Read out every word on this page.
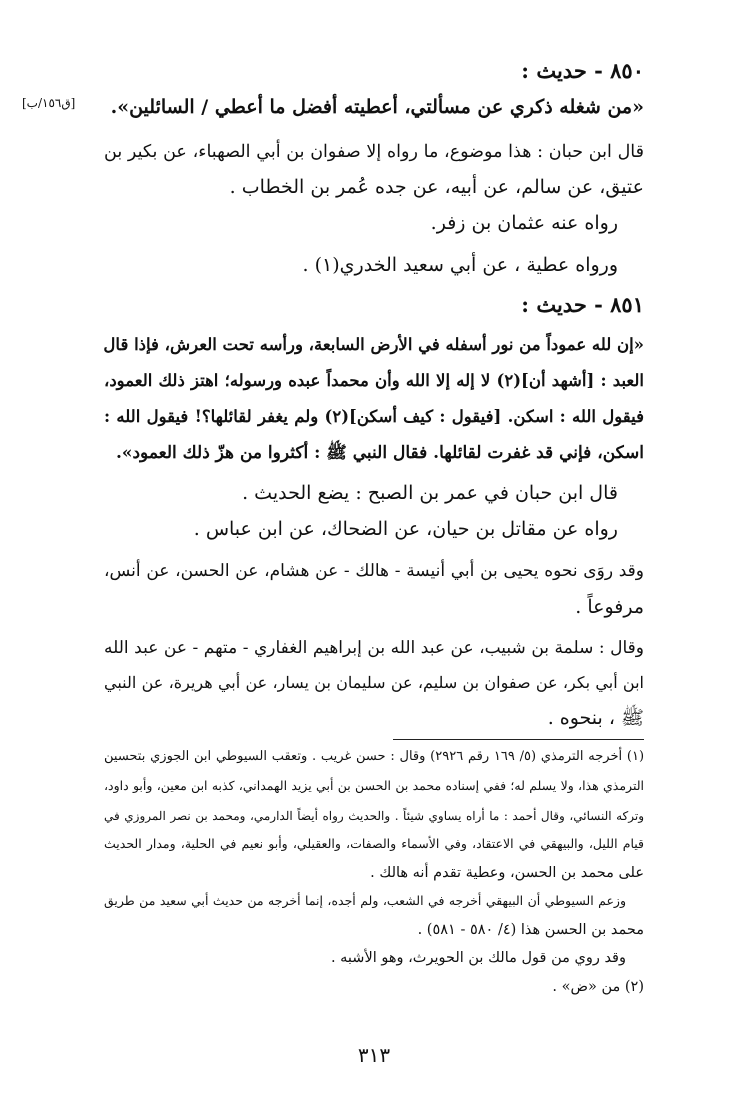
[ق١٥٦/ب]
٨٥٠ - حديث :
«من شغله ذكري عن مسألتي، أعطيته أفضل ما أعطي / السائلين».
قال ابن حبان : هذا موضوع، ما رواه إلا صفوان بن أبي الصهباء، عن بكير بن
عتيق، عن سالم، عن أبيه، عن جده عُمر بن الخطاب .
رواه عنه عثمان بن زفر.
ورواه عطية ، عن أبي سعيد الخدري(١) .
٨٥١ - حديث :
«إن لله عموداً من نور أسفله في الأرض السابعة، ورأسه تحت العرش، فإذا قال
العبد : [أشهد أن](٢) لا إله إلا الله وأن محمداً عبده ورسوله؛ اهتز ذلك العمود،
فيقول الله : اسكن. [فيقول : كيف أسكن](٢) ولم يغفر لقائلها؟! فيقول الله :
اسكن، فإني قد غفرت لقائلها. فقال النبي ﷺ : أكثروا من هزّ ذلك العمود».
قال ابن حبان في عمر بن الصبح : يضع الحديث .
رواه عن مقاتل بن حيان، عن الضحاك، عن ابن عباس .
وقد روَى نحوه يحيى بن أبي أنيسة - هالك - عن هشام، عن الحسن، عن أنس،
مرفوعاً .
وقال : سلمة بن شبيب، عن عبد الله بن إبراهيم الغفاري - متهم - عن عبد الله
ابن أبي بكر، عن صفوان بن سليم، عن سليمان بن يسار، عن أبي هريرة، عن النبي
ﷺ ، بنحوه .
(١) أخرجه الترمذي (٥/ ١٦٩ رقم ٢٩٢٦) وقال : حسن غريب . وتعقب السيوطي ابن الجوزي بتحسين
الترمذي هذا، ولا يسلم له؛ ففي إسناده محمد بن الحسن بن أبي يزيد الهمداني، كذبه ابن معين، وأبو داود،
وتركه النسائي، وقال أحمد : ما أراه يساوي شيئاً . والحديث رواه أيضاً الدارمي، ومحمد بن نصر المروزي في
قيام الليل، والبيهقي في الاعتقاد، وفي الأسماء والصفات، والعقيلي، وأبو نعيم في الحلية، ومدار الحديث
على محمد بن الحسن، وعطية تقدم أنه هالك .
وزعم السيوطي أن البيهقي أخرجه في الشعب، ولم أجده، إنما أخرجه من حديث أبي سعيد من طريق
محمد بن الحسن هذا (٤/ ٥٨٠ - ٥٨١) .
وقد روي من قول مالك بن الحويرث، وهو الأشبه .
(٢) من «ض» .
٣١٣
